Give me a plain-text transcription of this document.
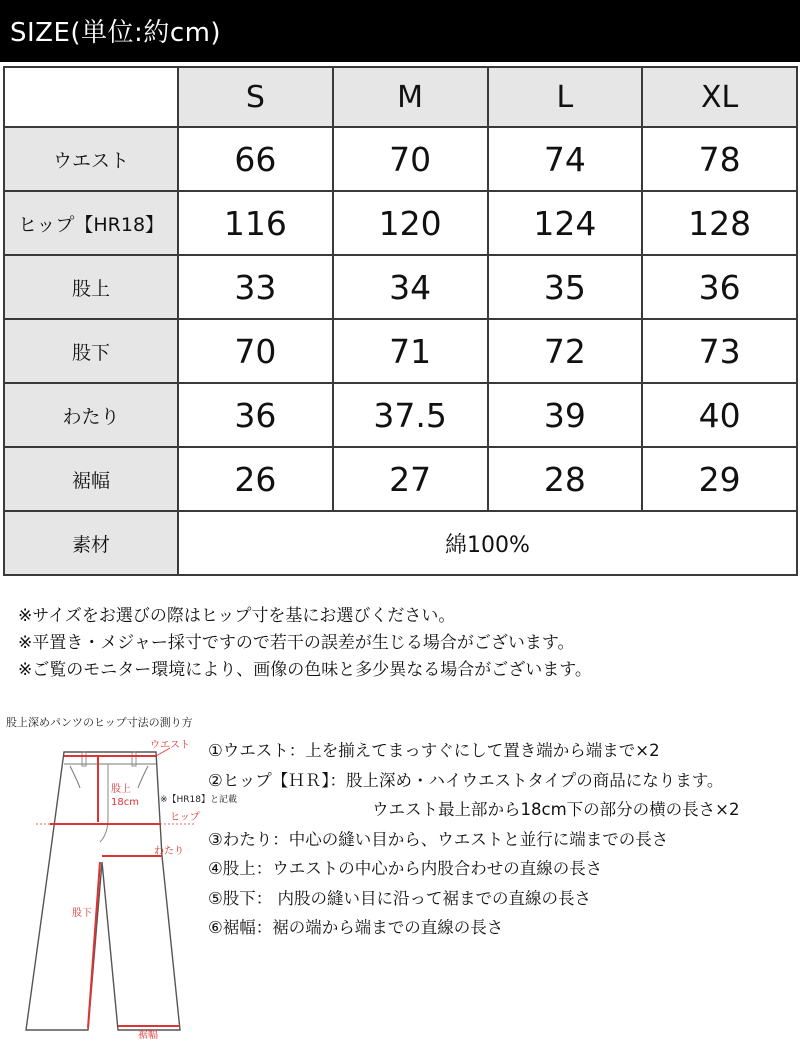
SIZE(単位:約cm)
	S	M	L	XL
ウエスト	66	70	74	78
ヒップ【HR18】	116	120	124	128
股上	33	34	35	36
股下	70	71	72	73
わたり	36	37.5	39	40
裾幅	26	27	28	29
素材	綿100%			
※サイズをお選びの際はヒップ寸を基にお選びください。
※平置き・メジャー採寸ですので若干の誤差が生じる場合がございます。
※ご覧のモニター環境により、画像の色味と多少異なる場合がございます。
股上深めパンツのヒップ寸法の測り方
ウエスト
股上
18cm ※【HR18】と記載
ヒップ
わたり
股下
裾幅
①ウエスト：上を揃えてまっすぐにして置き端から端まで×2
②ヒップ【ＨＲ】：股上深め・ハイウエストタイプの商品になります。
ウエスト最上部から18cm下の部分の横の長さ×2
③わたり：中心の縫い目から、ウエストと並行に端までの長さ
④股上：ウエストの中心から内股合わせの直線の長さ
⑤股下： 内股の縫い目に沿って裾までの直線の長さ
⑥裾幅：裾の端から端までの直線の長さ
